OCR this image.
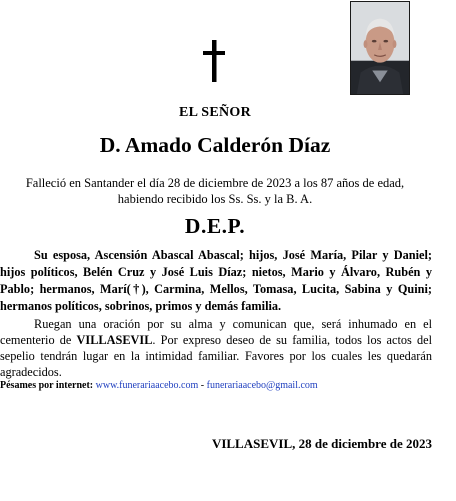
EL SEÑOR
D. Amado Calderón Díaz
Falleció en Santander el día 28 de diciembre de 2023 a los 87 años de edad,
habiendo recibido los Ss. Ss. y la B. A.
D.E.P.

Su esposa, Ascensión Abascal Abascal; hijos, José María, Pilar y Daniel; hijos políticos, Belén Cruz y José Luis Díaz; nietos, Mario y Álvaro, Rubén y Pablo; hermanos, Marí(†), Carmina, Mellos, Tomasa, Lucita, Sabina y Quini; hermanos políticos, sobrinos, primos y demás familia.

Ruegan una oración por su alma y comunican que, será inhumado en el cementerio de VILLASEVIL. Por expreso deseo de su familia, todos los actos del sepelio tendrán lugar en la intimidad familiar. Favores por los cuales les quedarán agradecidos.

Pésames por internet: www.funerariaacebo.com - funerariaacebo@gmail.com
VILLASEVIL, 28 de diciembre de 2023
